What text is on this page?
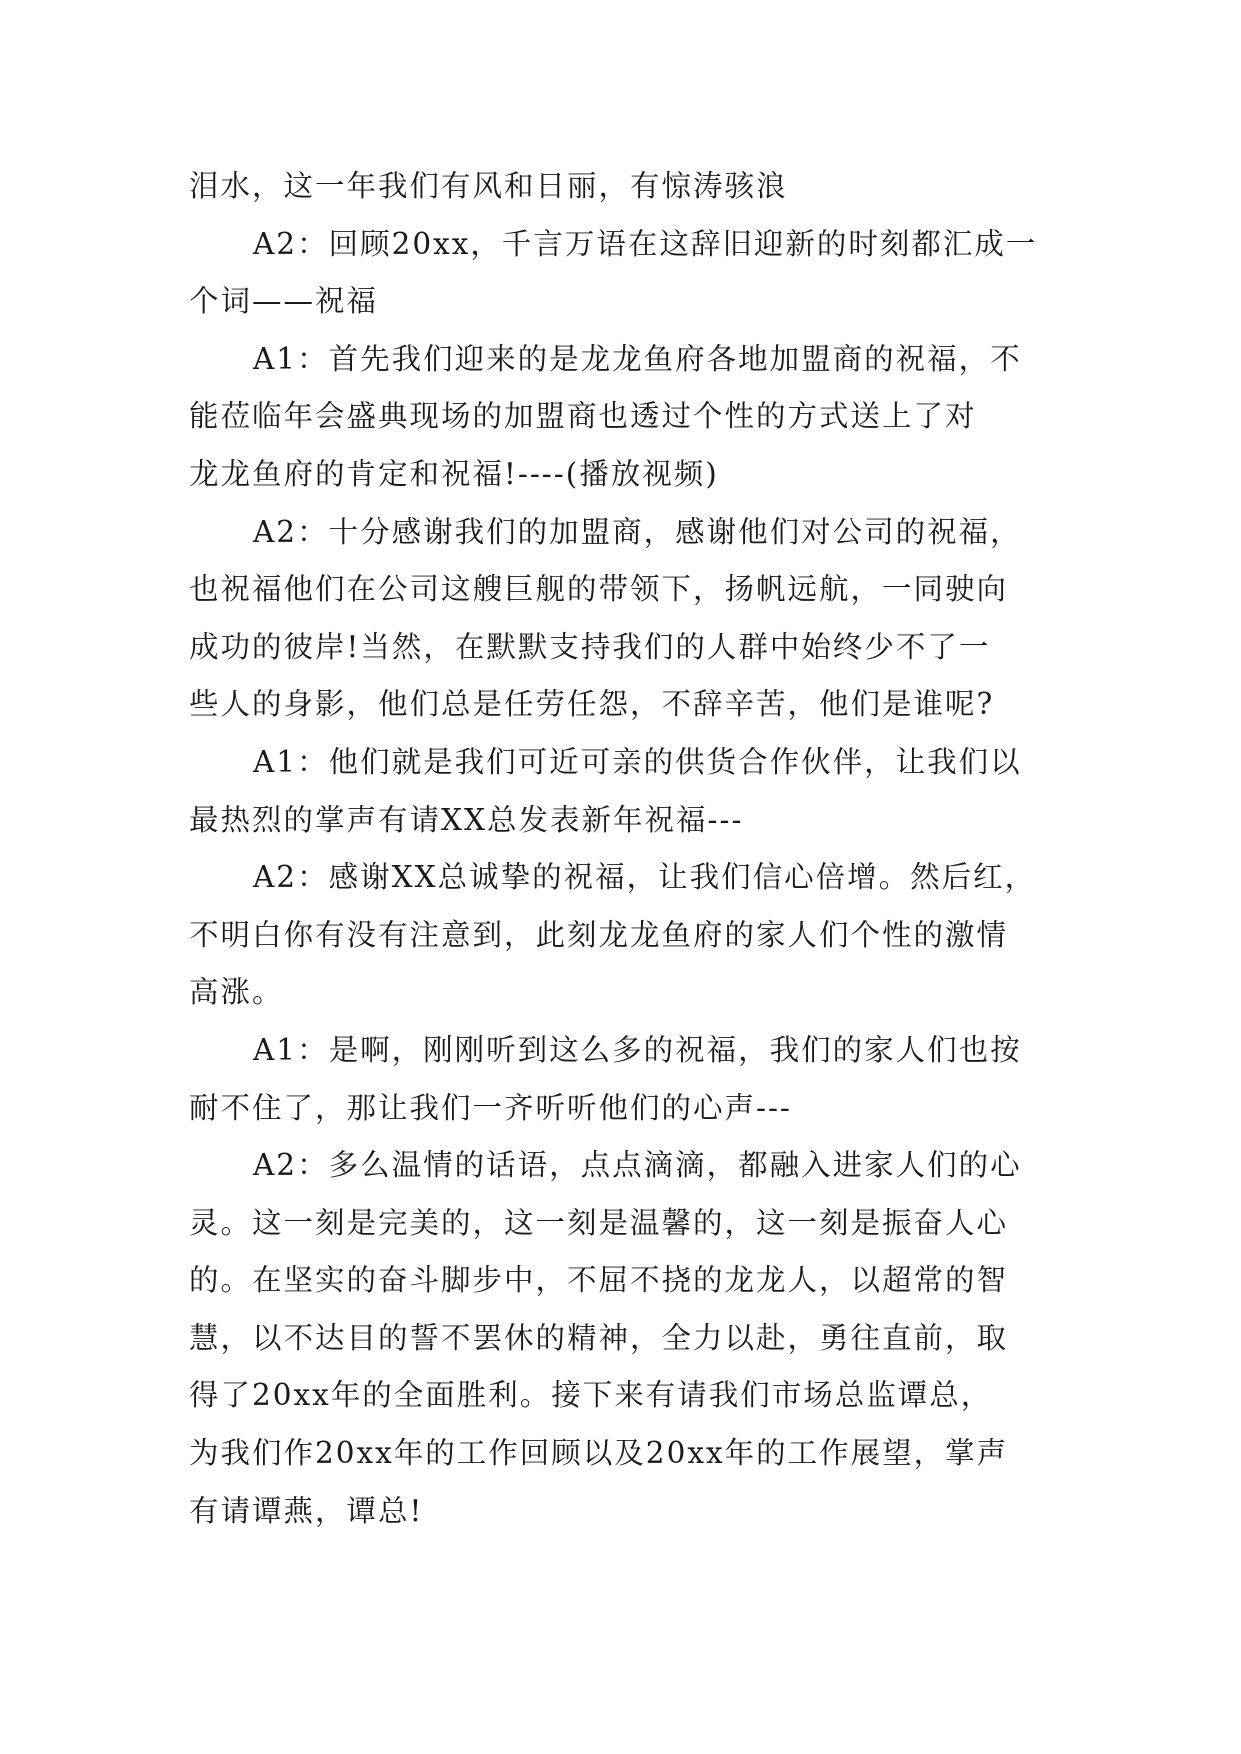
泪水，这一年我们有风和日丽，有惊涛骇浪
A2：回顾20xx，千言万语在这辞旧迎新的时刻都汇成一
个词——祝福
A1：首先我们迎来的是龙龙鱼府各地加盟商的祝福，不
能莅临年会盛典现场的加盟商也透过个性的方式送上了对
龙龙鱼府的肯定和祝福!----(播放视频)
A2：十分感谢我们的加盟商，感谢他们对公司的祝福，
也祝福他们在公司这艘巨舰的带领下，扬帆远航，一同驶向
成功的彼岸!当然，在默默支持我们的人群中始终少不了一
些人的身影，他们总是任劳任怨，不辞辛苦，他们是谁呢?
A1：他们就是我们可近可亲的供货合作伙伴，让我们以
最热烈的掌声有请XX总发表新年祝福---
A2：感谢XX总诚挚的祝福，让我们信心倍增。然后红，
不明白你有没有注意到，此刻龙龙鱼府的家人们个性的激情
高涨。
A1：是啊，刚刚听到这么多的祝福，我们的家人们也按
耐不住了，那让我们一齐听听他们的心声---
A2：多么温情的话语，点点滴滴，都融入进家人们的心
灵。这一刻是完美的，这一刻是温馨的，这一刻是振奋人心
的。在坚实的奋斗脚步中，不屈不挠的龙龙人，以超常的智
慧，以不达目的誓不罢休的精神，全力以赴，勇往直前，取
得了20xx年的全面胜利。接下来有请我们市场总监谭总，
为我们作20xx年的工作回顾以及20xx年的工作展望，掌声
有请谭燕，谭总!
